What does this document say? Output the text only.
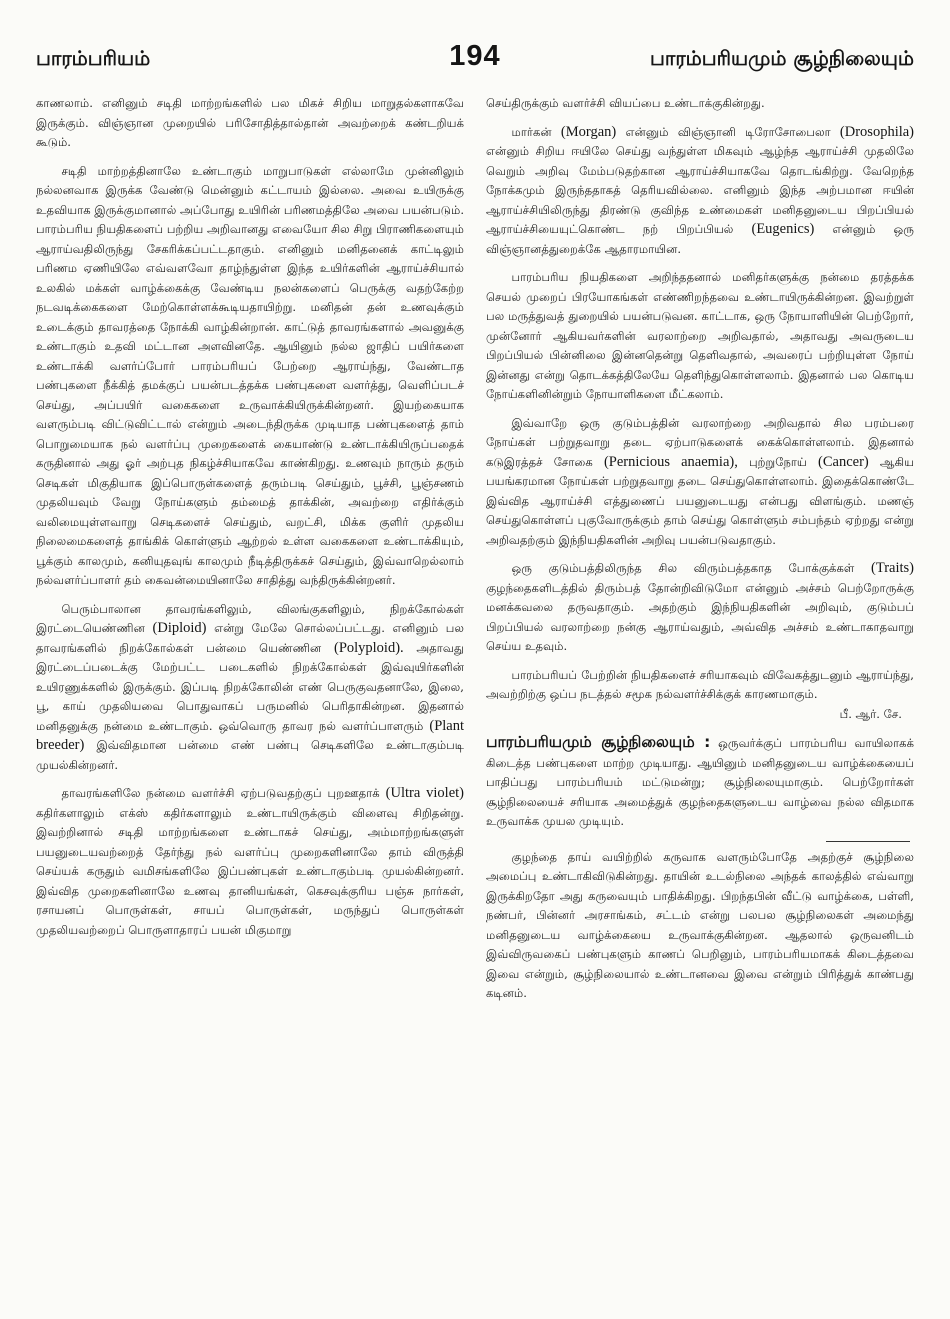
பாரம்பரியம்	194	பாரம்பரியமும் சூழ்நிலையும்

காணலாம். எனினும் சடிதி மாற்றங்களில் பல மிகச் சிறிய மாறுதல்களாகவே இருக்கும். விஞ்ஞான முறையில் பரிசோதித்தால்தான் அவற்றைக் கண்டறியக் கூடும்.

சடிதி மாற்றத்தினாலே உண்டாகும் மாறுபாடுகள் எல்லாமே முன்னிலும் நல்லனவாக இருக்க வேண்டு மென்னும் கட்டாயம் இல்லை. அவை உயிருக்கு உதவியாக இருக்குமானால் அப்போது உயிரின் பரிணமத்திலே அவை பயன்படும். பாரம்பரிய நியதிகளைப் பற்றிய அறிவானது எவையோ சில சிறு பிராணிகளையும் ஆராய்வதிலிருந்து சேகரிக்கப்பட்டதாகும். எனினும் மனிதனைக் காட்டிலும் பரிணம ஏணியிலே எவ்வளவோ தாழ்ந்துள்ள இந்த உயிர்களின் ஆராய்ச்சியால் உலகில் மக்கள் வாழ்க்கைக்கு வேண்டிய நலன்களைப் பெருக்கு வதற்கேற்ற நடவடிக்கைகளை மேற்கொள்ளக்கூடியதாயிற்று. மனிதன் தன் உணவுக்கும் உடைக்கும் தாவரத்தை நோக்கி வாழ்கின்றான். காட்டுத் தாவரங்களால் அவனுக்கு உண்டாகும் உதவி மட்டான அளவினதே. ஆயினும் நல்ல ஜாதிப் பயிர்களை உண்டாக்கி வளர்ப்போர் பாரம்பரியப் பேற்றை ஆராய்ந்து, வேண்டாத பண்புகளை நீக்கித் தமக்குப் பயன்படத்தக்க பண்புகளை வளர்த்து, வெளிப்படச் செய்து, அப்பயிர் வகைகளை உருவாக்கியிருக்கின்றனர். இயற்கையாக வளரும்படி விட்டுவிட்டால் என்றும் அடைந்திருக்க முடியாத பண்புகளைத் தாம் பொறுமையாக நல் வளர்ப்பு முறைகளைக் கையாண்டு உண்டாக்கியிருப்பதைக் கருதினால் அது ஓர் அற்புத நிகழ்ச்சியாகவே காண்கிறது. உணவும் நாரும் தரும் செடிகள் மிகுதியாக இப்பொருள்களைத் தரும்படி செய்தும், பூச்சி, பூஞ்சணம் முதலியவும் வேறு நோய்களும் தம்மைத் தாக்கின், அவற்றை எதிர்க்கும் வலிமையுள்ளவாறு செடிகளைச் செய்தும், வறட்சி, மிக்க குளிர் முதலிய நிலைமைகளைத் தாங்கிக் கொள்ளும் ஆற்றல் உள்ள வகைகளை உண்டாக்கியும், பூக்கும் காலமும், கனியுதவுங் காலமும் நீடித்திருக்கச் செய்தும், இவ்வாறெல்லாம் நல்வளர்ப்பாளர் தம் கைவன்மையினாலே சாதித்து வந்திருக்கின்றனர்.

பெரும்பாலான தாவரங்களிலும், விலங்குகளிலும், நிறக்கோல்கள் இரட்டையெண்ணின (Diploid) என்று மேலே சொல்லப்பட்டது. எனினும் பல தாவரங்களில் நிறக்கோல்கள் பன்மை யெண்ணின (Polyploid). அதாவது இரட்டைப்படைக்கு மேற்பட்ட படைகளில் நிறக்கோல்கள் இவ்வுயிர்களின் உயிரணுக்களில் இருக்கும். இப்படி நிறக்கோலின் எண் பெருகுவதனாலே, இலை, பூ, காய் முதலியவை பொதுவாகப் பருமனில் பெரிதாகின்றன. இதனால் மனிதனுக்கு நன்மை உண்டாகும். ஒவ்வொரு தாவர நல் வளர்ப்பாளரும் (Plant breeder) இவ்விதமான பன்மை எண் பண்பு செடிகளிலே உண்டாகும்படி முயல்கின்றனர்.

தாவரங்களிலே நன்மை வளர்ச்சி ஏற்படுவதற்குப் புறஊதாக் (Ultra violet) கதிர்களாலும் எக்ஸ் கதிர்களாலும் உண்டாயிருக்கும் விளைவு சிறிதன்று. இவற்றினால் சடிதி மாற்றங்களை உண்டாகச் செய்து, அம்மாற்றங்களுள் பயனுடையவற்றைத் தேர்ந்து நல் வளர்ப்பு முறைகளினாலே தாம் விருத்தி செய்யக் கருதும் வமிசங்களிலே இப்பண்புகள் உண்டாகும்படி முயல்கின்றனர். இவ்வித முறைகளினாலே உணவு தானியங்கள், கெசவுக்குரிய பஞ்சு நார்கள், ரசாயனப் பொருள்கள், சாயப் பொருள்கள், மருந்துப் பொருள்கள் முதலியவற்றைப் பொருளாதாரப் பயன் மிகுமாறு

செய்திருக்கும் வளர்ச்சி வியப்பை உண்டாக்குகின்றது.

மார்கன் (Morgan) என்னும் விஞ்ஞானி டிரோசோபைலா (Drosophila) என்னும் சிறிய ஈயிலே செய்து வந்துள்ள மிகவும் ஆழ்ந்த ஆராய்ச்சி முதலிலே வெறும் அறிவு மேம்படுதற்கான ஆராய்ச்சியாகவே தொடங்கிற்று. வேறெந்த நோக்கமும் இருந்ததாகத் தெரியவில்லை. எனினும் இந்த அற்பமான ஈயின் ஆராய்ச்சியிலிருந்து திரண்டு குவிந்த உண்மைகள் மனிதனுடைய பிறப்பியல் ஆராய்ச்சியையுட்கொண்ட நற் பிறப்பியல் (Eugenics) என்னும் ஒரு விஞ்ஞானத்துறைக்கே ஆதாரமாயின.

பாரம்பரிய நியதிகளை அறிந்ததனால் மனிதர்களுக்கு நன்மை தரத்தக்க செயல் முறைப் பிரயோகங்கள் எண்ணிறந்தவை உண்டாயிருக்கின்றன. இவற்றுள் பல மருத்துவத் துறையில் பயன்படுவன. காட்டாக, ஒரு நோயாளியின் பெற்றோர், முன்னோர் ஆகியவர்களின் வரலாற்றை அறிவதால், அதாவது அவருடைய பிறப்பியல் பின்னிலை இன்னதென்று தெளிவதால், அவரைப் பற்றியுள்ள நோய் இன்னது என்று தொடக்கத்திலேயே தெளிந்துகொள்ளலாம். இதனால் பல கொடிய நோய்களினின்றும் நோயாளிகளை மீட்கலாம்.

இவ்வாறே ஒரு குடும்பத்தின் வரலாற்றை அறிவதால் சில பரம்பரை நோய்கள் பற்றுதவாறு தடை ஏற்பாடுகளைக் கைக்கொள்ளலாம். இதனால் கடுஇரத்தச் சோகை (Pernicious anaemia), புற்றுநோய் (Cancer) ஆகிய பயங்கரமான நோய்கள் பற்றுதவாறு தடை செய்துகொள்ளலாம். இதைக்கொண்டே இவ்வித ஆராய்ச்சி எத்துணைப் பயனுடையது என்பது விளங்கும். மணஞ் செய்துகொள்ளப் புகுவோருக்கும் தாம் செய்து கொள்ளும் சம்பந்தம் ஏற்றது என்று அறிவதற்கும் இந்நியதிகளின் அறிவு பயன்படுவதாகும்.

ஒரு குடும்பத்திலிருந்த சில விரும்பத்தகாத போக்குக்கள் (Traits) குழந்தைகளிடத்தில் திரும்பத் தோன்றிவிடுமோ என்னும் அச்சம் பெற்றோருக்கு மனக்கவலை தருவதாகும். அதற்கும் இந்நியதிகளின் அறிவும், குடும்பப் பிறப்பியல் வரலாற்றை நன்கு ஆராய்வதும், அவ்வித அச்சம் உண்டாகாதவாறு செய்ய உதவும்.

பாரம்பரியப் பேற்றின் நியதிகளைச் சரியாகவும் விவேகத்துடனும் ஆராய்ந்து, அவற்றிற்கு ஒப்ப நடத்தல் சமூக நல்வளர்ச்சிக்குக் காரணமாகும்.
பீ. ஆர். சே.

பாரம்பரியமும் சூழ்நிலையும் : ஒருவர்க்குப் பாரம்பரிய வாயிலாகக் கிடைத்த பண்புகளை மாற்ற முடியாது. ஆயினும் மனிதனுடைய வாழ்க்கையைப் பாதிப்பது பாரம்பரியம் மட்டுமன்று; சூழ்நிலையுமாகும். பெற்றோர்கள் சூழ்நிலையைச் சரியாக அமைத்துக் குழந்தைகளுடைய வாழ்வை நல்ல விதமாக உருவாக்க முயல முடியும்.

குழந்தை தாய் வயிற்றில் கருவாக வளரும்போதே அதற்குச் சூழ்நிலை அமைப்பு உண்டாகிவிடுகின்றது. தாயின் உடல்நிலை அந்தக் காலத்தில் எவ்வாறு இருக்கிறதோ அது கருவையும் பாதிக்கிறது. பிறந்தபின் வீட்டு வாழ்க்கை, பள்ளி, நண்பர், பின்னர் அரசாங்கம், சட்டம் என்று பலபல சூழ்நிலைகள் அமைந்து மனிதனுடைய வாழ்க்கையை உருவாக்குகின்றன. ஆதலால் ஒருவனிடம் இவ்விருவகைப் பண்புகளும் காணப் பெறினும், பாரம்பரியமாகக் கிடைத்தவை இவை என்றும், சூழ்நிலையால் உண்டானவை இவை என்றும் பிரித்துக் காண்பது கடினம்.
